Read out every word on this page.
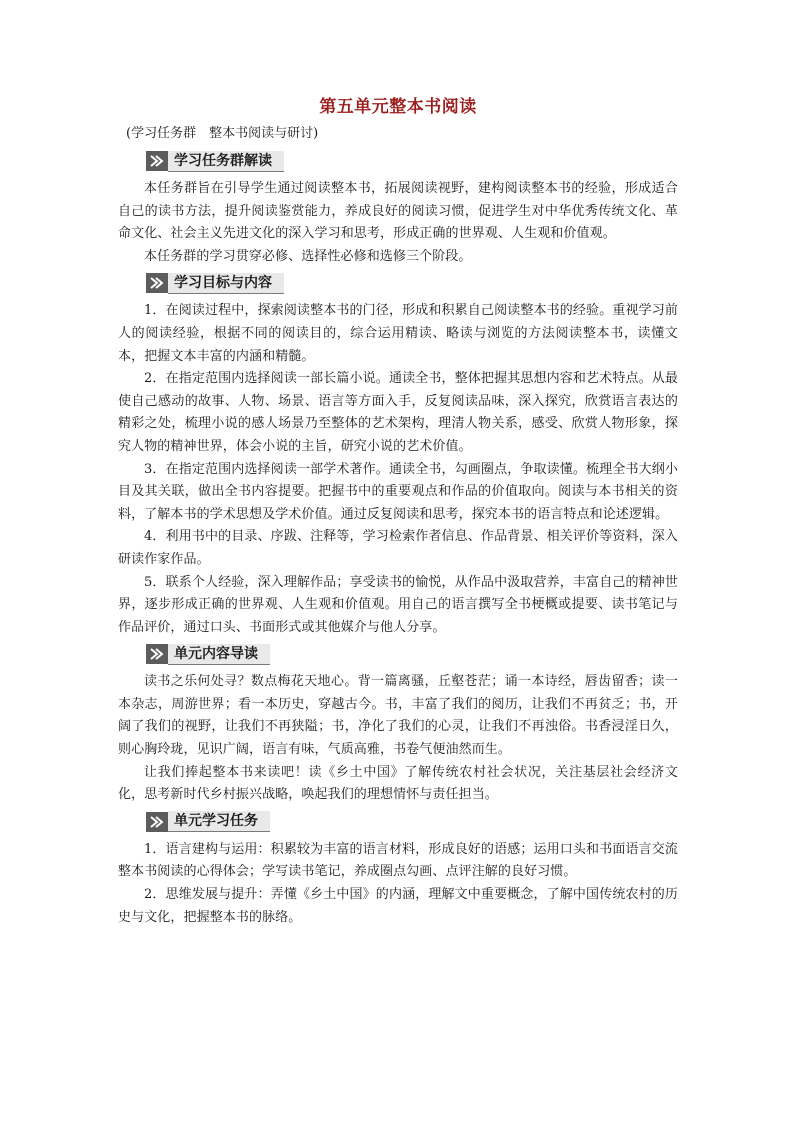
第五单元整本书阅读

(学习任务群　整本书阅读与研讨)

学习任务群解读

本任务群旨在引导学生通过阅读整本书，拓展阅读视野，建构阅读整本书的经验，形成适合自己的读书方法，提升阅读鉴赏能力，养成良好的阅读习惯，促进学生对中华优秀传统文化、革命文化、社会主义先进文化的深入学习和思考，形成正确的世界观、人生观和价值观。

本任务群的学习贯穿必修、选择性必修和选修三个阶段。

学习目标与内容

1．在阅读过程中，探索阅读整本书的门径，形成和积累自己阅读整本书的经验。重视学习前人的阅读经验，根据不同的阅读目的，综合运用精读、略读与浏览的方法阅读整本书，读懂文本，把握文本丰富的内涵和精髓。

2．在指定范围内选择阅读一部长篇小说。通读全书，整体把握其思想内容和艺术特点。从最使自己感动的故事、人物、场景、语言等方面入手，反复阅读品味，深入探究，欣赏语言表达的精彩之处，梳理小说的感人场景乃至整体的艺术架构，理清人物关系，感受、欣赏人物形象，探究人物的精神世界，体会小说的主旨，研究小说的艺术价值。

3．在指定范围内选择阅读一部学术著作。通读全书，勾画圈点，争取读懂。梳理全书大纲小目及其关联，做出全书内容提要。把握书中的重要观点和作品的价值取向。阅读与本书相关的资料，了解本书的学术思想及学术价值。通过反复阅读和思考，探究本书的语言特点和论述逻辑。

4．利用书中的目录、序跋、注释等，学习检索作者信息、作品背景、相关评价等资料，深入研读作家作品。

5．联系个人经验，深入理解作品；享受读书的愉悦，从作品中汲取营养，丰富自己的精神世界，逐步形成正确的世界观、人生观和价值观。用自己的语言撰写全书梗概或提要、读书笔记与作品评价，通过口头、书面形式或其他媒介与他人分享。

单元内容导读

读书之乐何处寻？数点梅花天地心。背一篇离骚，丘壑苍茫；诵一本诗经，唇齿留香；读一本杂志，周游世界；看一本历史，穿越古今。书，丰富了我们的阅历，让我们不再贫乏；书，开阔了我们的视野，让我们不再狭隘；书，净化了我们的心灵，让我们不再浊俗。书香浸淫日久，则心胸玲珑，见识广阔，语言有味，气质高雅，书卷气便油然而生。

让我们捧起整本书来读吧！读《乡土中国》了解传统农村社会状况，关注基层社会经济文化，思考新时代乡村振兴战略，唤起我们的理想情怀与责任担当。

单元学习任务

1．语言建构与运用：积累较为丰富的语言材料，形成良好的语感；运用口头和书面语言交流整本书阅读的心得体会；学写读书笔记，养成圈点勾画、点评注解的良好习惯。

2．思维发展与提升：弄懂《乡土中国》的内涵，理解文中重要概念，了解中国传统农村的历史与文化，把握整本书的脉络。
